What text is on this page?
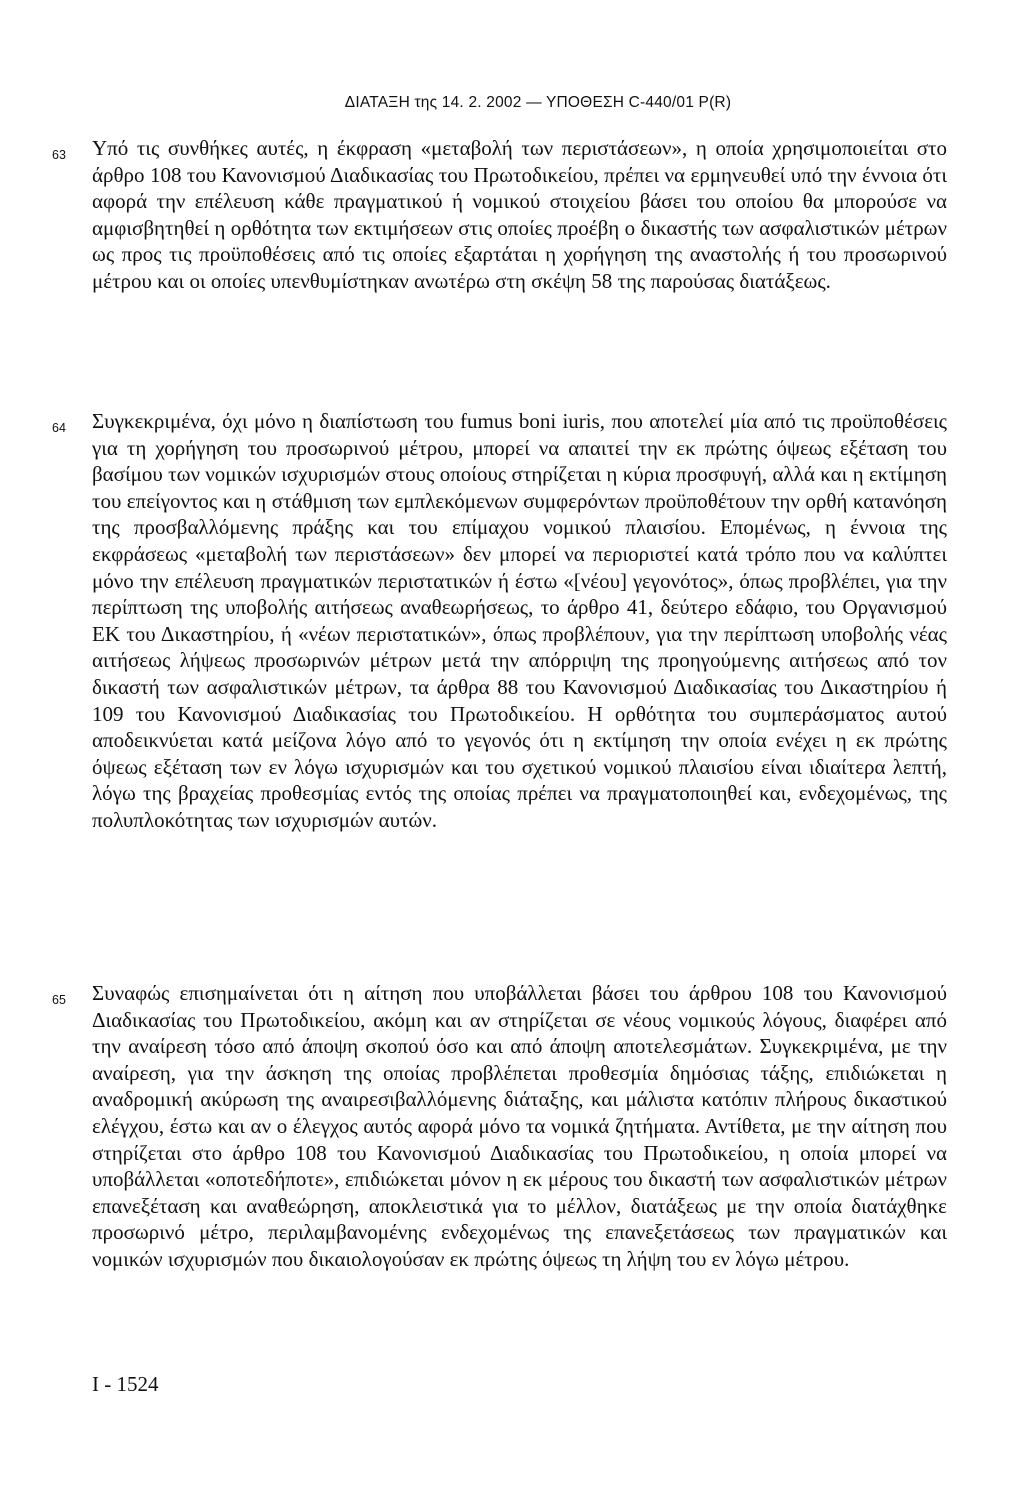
ΔΙΑΤΑΞΗ της 14. 2. 2002 — ΥΠΟΘΕΣΗ C-440/01 P(R)
63 Υπό τις συνθήκες αυτές, η έκφραση «μεταβολή των περιστάσεων», η οποία χρησιμοποιείται στο άρθρο 108 του Κανονισμού Διαδικασίας του Πρωτοδικείου, πρέπει να ερμηνευθεί υπό την έννοια ότι αφορά την επέλευση κάθε πραγματικού ή νομικού στοιχείου βάσει του οποίου θα μπορούσε να αμφισβητηθεί η ορθότητα των εκτιμήσεων στις οποίες προέβη ο δικαστής των ασφαλιστικών μέτρων ως προς τις προϋποθέσεις από τις οποίες εξαρτάται η χορήγηση της αναστολής ή του προσωρινού μέτρου και οι οποίες υπενθυμίστηκαν ανωτέρω στη σκέψη 58 της παρούσας διατάξεως.

64 Συγκεκριμένα, όχι μόνο η διαπίστωση του fumus boni iuris, που αποτελεί μία από τις προϋποθέσεις για τη χορήγηση του προσωρινού μέτρου, μπορεί να απαιτεί την εκ πρώτης όψεως εξέταση του βασίμου των νομικών ισχυρισμών στους οποίους στηρίζεται η κύρια προσφυγή, αλλά και η εκτίμηση του επείγοντος και η στάθμιση των εμπλεκόμενων συμφερόντων προϋποθέτουν την ορθή κατανόηση της προσβαλλόμενης πράξης και του επίμαχου νομικού πλαισίου. Επομένως, η έννοια της εκφράσεως «μεταβολή των περιστάσεων» δεν μπορεί να περιοριστεί κατά τρόπο που να καλύπτει μόνο την επέλευση πραγματικών περιστατικών ή έστω «[νέου] γεγονότος», όπως προβλέπει, για την περίπτωση της υποβολής αιτήσεως αναθεωρήσεως, το άρθρο 41, δεύτερο εδάφιο, του Οργανισμού ΕΚ του Δικαστηρίου, ή «νέων περιστατικών», όπως προβλέπουν, για την περίπτωση υποβολής νέας αιτήσεως λήψεως προσωρινών μέτρων μετά την απόρριψη της προηγούμενης αιτήσεως από τον δικαστή των ασφαλιστικών μέτρων, τα άρθρα 88 του Κανονισμού Διαδικασίας του Δικαστηρίου ή 109 του Κανονισμού Διαδικασίας του Πρωτοδικείου. Η ορθότητα του συμπεράσματος αυτού αποδεικνύεται κατά μείζονα λόγο από το γεγονός ότι η εκτίμηση την οποία ενέχει η εκ πρώτης όψεως εξέταση των εν λόγω ισχυρισμών και του σχετικού νομικού πλαισίου είναι ιδιαίτερα λεπτή, λόγω της βραχείας προθεσμίας εντός της οποίας πρέπει να πραγματοποιηθεί και, ενδεχομένως, της πολυπλοκότητας των ισχυρισμών αυτών.

65 Συναφώς επισημαίνεται ότι η αίτηση που υποβάλλεται βάσει του άρθρου 108 του Κανονισμού Διαδικασίας του Πρωτοδικείου, ακόμη και αν στηρίζεται σε νέους νομικούς λόγους, διαφέρει από την αναίρεση τόσο από άποψη σκοπού όσο και από άποψη αποτελεσμάτων. Συγκεκριμένα, με την αναίρεση, για την άσκηση της οποίας προβλέπεται προθεσμία δημόσιας τάξης, επιδιώκεται η αναδρομική ακύρωση της αναιρεσιβαλλόμενης διάταξης, και μάλιστα κατόπιν πλήρους δικαστικού ελέγχου, έστω και αν ο έλεγχος αυτός αφορά μόνο τα νομικά ζητήματα. Αντίθετα, με την αίτηση που στηρίζεται στο άρθρο 108 του Κανονισμού Διαδικασίας του Πρωτοδικείου, η οποία μπορεί να υποβάλλεται «οποτεδήποτε», επιδιώκεται μόνον η εκ μέρους του δικαστή των ασφαλιστικών μέτρων επανεξέταση και αναθεώρηση, αποκλειστικά για το μέλλον, διατάξεως με την οποία διατάχθηκε προσωρινό μέτρο, περιλαμβανομένης ενδεχομένως της επανεξετάσεως των πραγματικών και νομικών ισχυρισμών που δικαιολογούσαν εκ πρώτης όψεως τη λήψη του εν λόγω μέτρου.

I - 1524
